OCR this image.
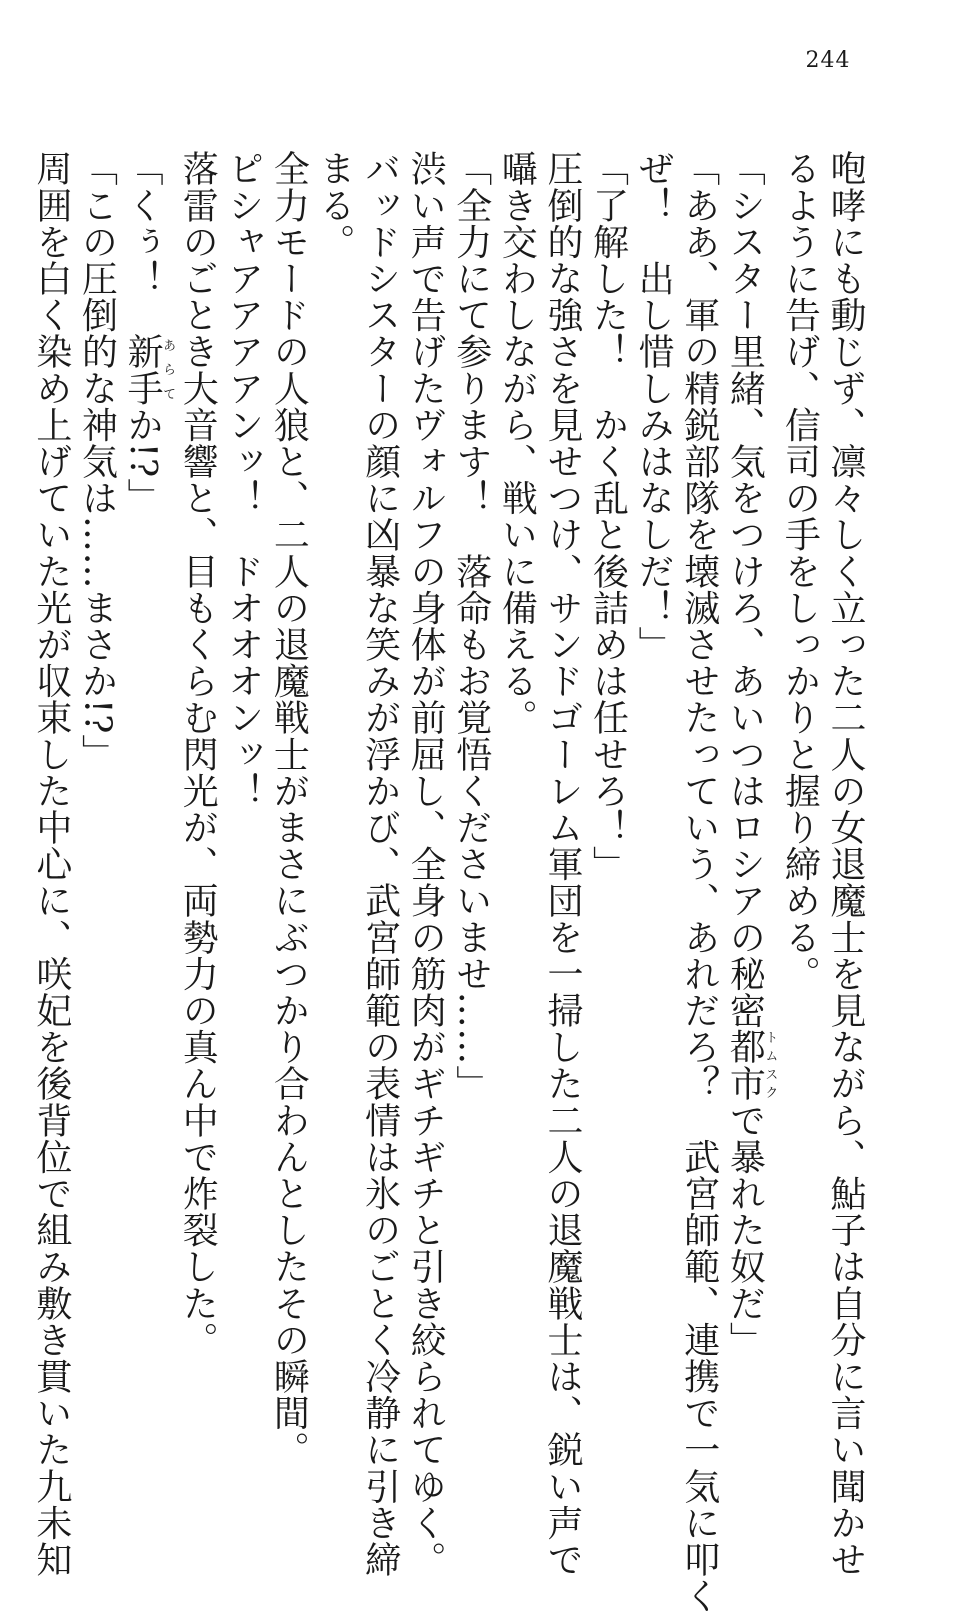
244
咆哮にも動じず、凛々しく立った二人の女退魔士を見ながら、鮎子は自分に言い聞かせ
るように告げ、信司の手をしっかりと握り締める。
「シスター里緒、気をつけろ、あいつはロシアの秘密都市トムスクで暴れた奴だ」
「ああ、軍の精鋭部隊を壊滅させたっていう、あれだろ？　武宮師範、連携で一気に叩く
ぜ！　出し惜しみはなしだ！」
「了解した！　かく乱と後詰めは任せろ！」
圧倒的な強さを見せつけ、サンドゴーレム軍団を一掃した二人の退魔戦士は、鋭い声で
囁き交わしながら、戦いに備える。
「全力にて参ります！　落命もお覚悟くださいませ……」
渋い声で告げたヴォルフの身体が前屈し、全身の筋肉がギチギチと引き絞られてゆく。
バッドシスターの顔に凶暴な笑みが浮かび、武宮師範の表情は氷のごとく冷静に引き締
まる。
全力モードの人狼と、二人の退魔戦士がまさにぶつかり合わんとしたその瞬間。
ピシャアアアアンッ！　ドオオオンッ！
落雷のごとき大音響と、目もくらむ閃光が、両勢力の真ん中で炸裂した。
「くぅ！　新手あらてか!?」
「この圧倒的な神気は……まさか!?」
周囲を白く染め上げていた光が収束した中心に、咲妃を後背位で組み敷き貫いた九未知
